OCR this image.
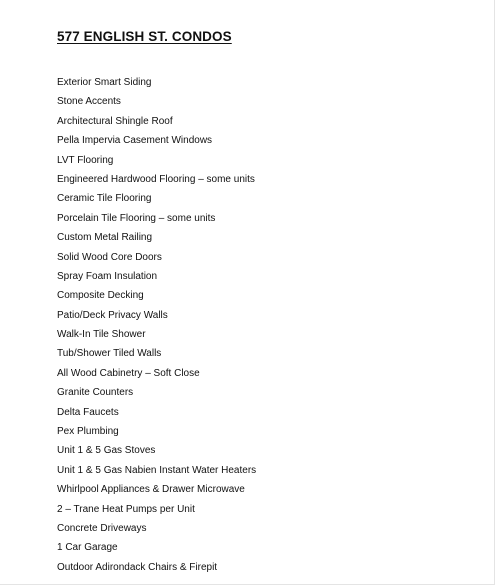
577 ENGLISH ST. CONDOS
Exterior Smart Siding
Stone Accents
Architectural Shingle Roof
Pella Impervia Casement Windows
LVT Flooring
Engineered Hardwood Flooring – some units
Ceramic Tile Flooring
Porcelain Tile Flooring – some units
Custom Metal Railing
Solid Wood Core Doors
Spray Foam Insulation
Composite Decking
Patio/Deck Privacy Walls
Walk-In Tile Shower
Tub/Shower Tiled Walls
All Wood Cabinetry – Soft Close
Granite Counters
Delta Faucets
Pex Plumbing
Unit 1 & 5 Gas Stoves
Unit 1 & 5 Gas Nabien Instant Water Heaters
Whirlpool Appliances & Drawer Microwave
2 – Trane Heat Pumps per Unit
Concrete Driveways
1 Car Garage
Outdoor Adirondack Chairs & Firepit
